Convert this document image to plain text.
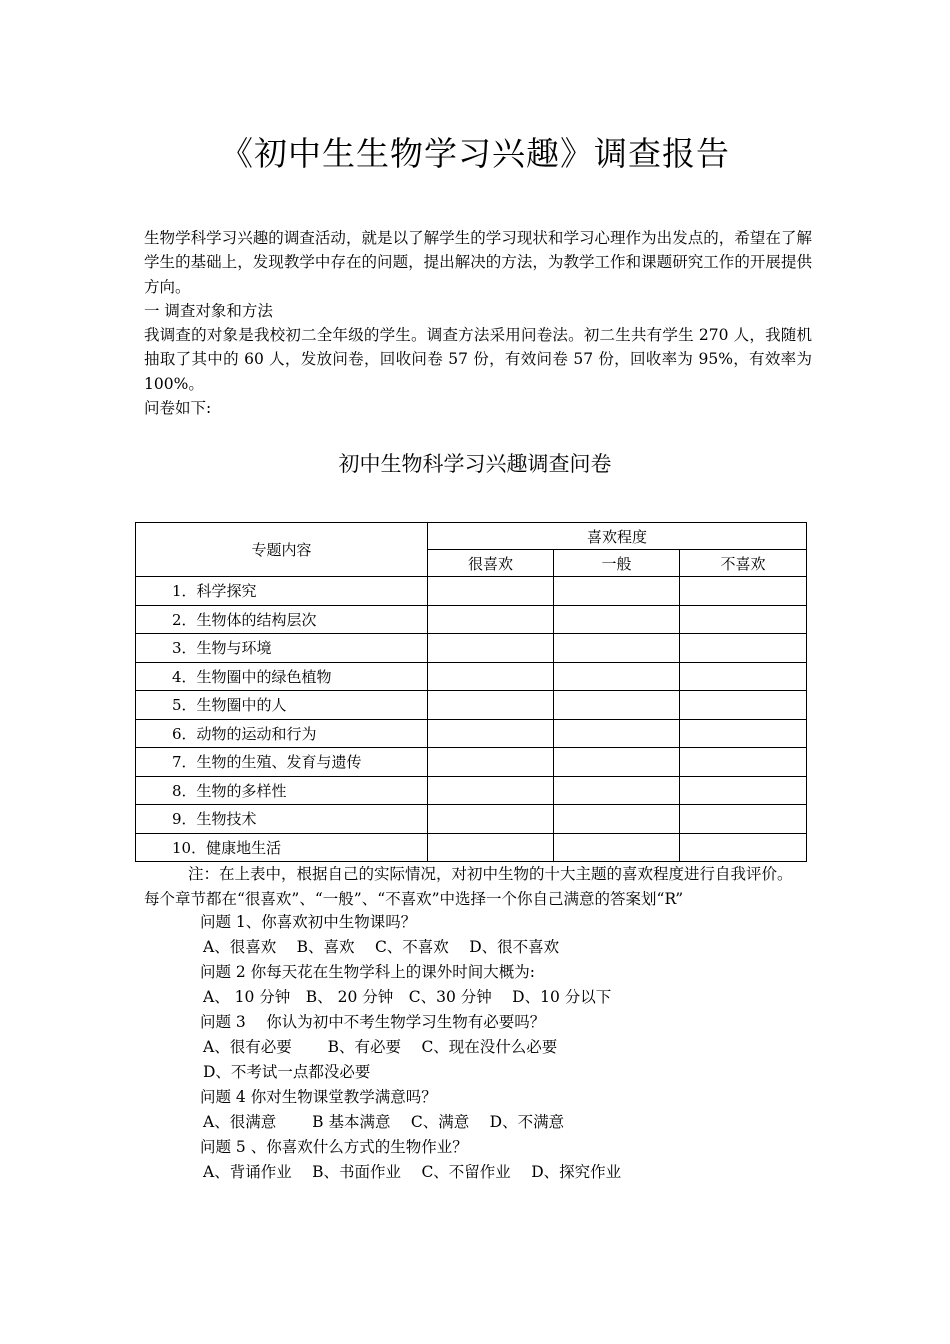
《初中生生物学习兴趣》调查报告

生物学科学习兴趣的调查活动，就是以了解学生的学习现状和学习心理作为出发点的，希望在了解学生的基础上，发现教学中存在的问题，提出解决的方法，为教学工作和课题研究工作的开展提供方向。

一 调查对象和方法

我调查的对象是我校初二全年级的学生。调查方法采用问卷法。初二生共有学生 270 人，我随机抽取了其中的 60 人，发放问卷，回收问卷 57 份，有效问卷 57 份，回收率为 95%，有效率为 100%。

问卷如下:

初中生物科学习兴趣调查问卷
专题内容	喜欢程度		
	很喜欢	一般	不喜欢
1．科学探究			
2．生物体的结构层次			
3．生物与环境			
4．生物圈中的绿色植物			
5．生物圈中的人			
6．动物的运动和行为			
7．生物的生殖、发育与遗传			
8．生物的多样性			
9．生物技术			
10．健康地生活			

注：在上表中，根据自己的实际情况，对初中生物的十大主题的喜欢程度进行自我评价。

每个章节都在“很喜欢”、“一般”、“不喜欢”中选择一个你自己满意的答案划“R”

问题 1、你喜欢初中生物课吗？

A、很喜欢　 B、喜欢　 C、不喜欢　 D、很不喜欢

问题 2 你每天花在生物学科上的课外时间大概为:

A、 10 分钟　B、 20 分钟　C、30 分钟　 D、10 分以下

问题 3　 你认为初中不考生物学习生物有必要吗？

A、很有必要　　 B、有必要　 C、现在没什么必要

D、不考试一点都没必要

问题 4 你对生物课堂教学满意吗？

A、很满意　　 B 基本满意　 C、满意　 D、不满意

问题 5 、你喜欢什么方式的生物作业？

A、背诵作业　 B、书面作业　 C、不留作业　 D、探究作业
